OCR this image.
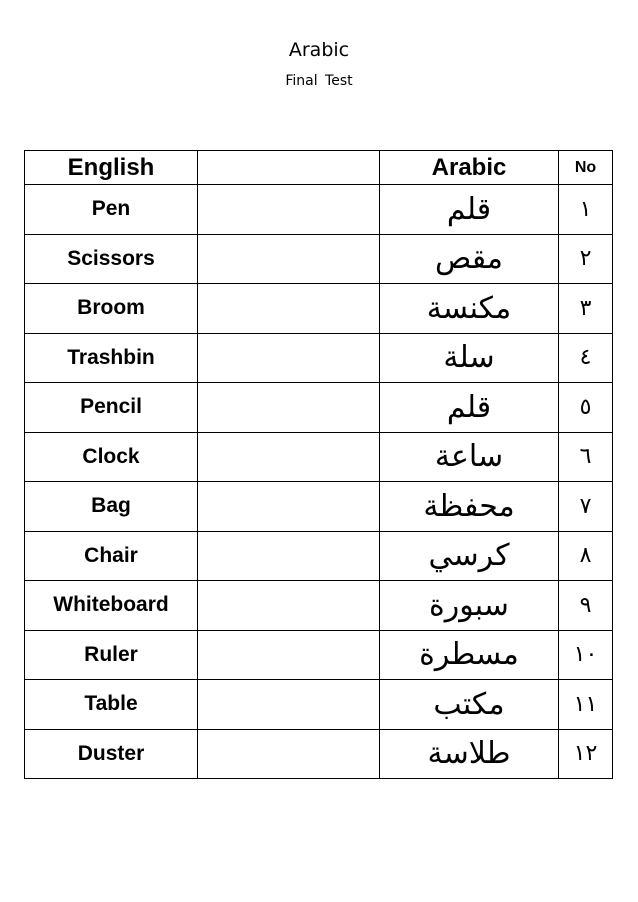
Arabic
Final Test
English		Arabic	No
Pen		قلم	١
Scissors		مقص	٢
Broom		مكنسة	٣
Trashbin		سلة	٤
Pencil		قلم	٥
Clock		ساعة	٦
Bag		محفظة	٧
Chair		كرسي	٨
Whiteboard		سبورة	٩
Ruler		مسطرة	١٠
Table		مكتب	١١
Duster		طلاسة	١٢
